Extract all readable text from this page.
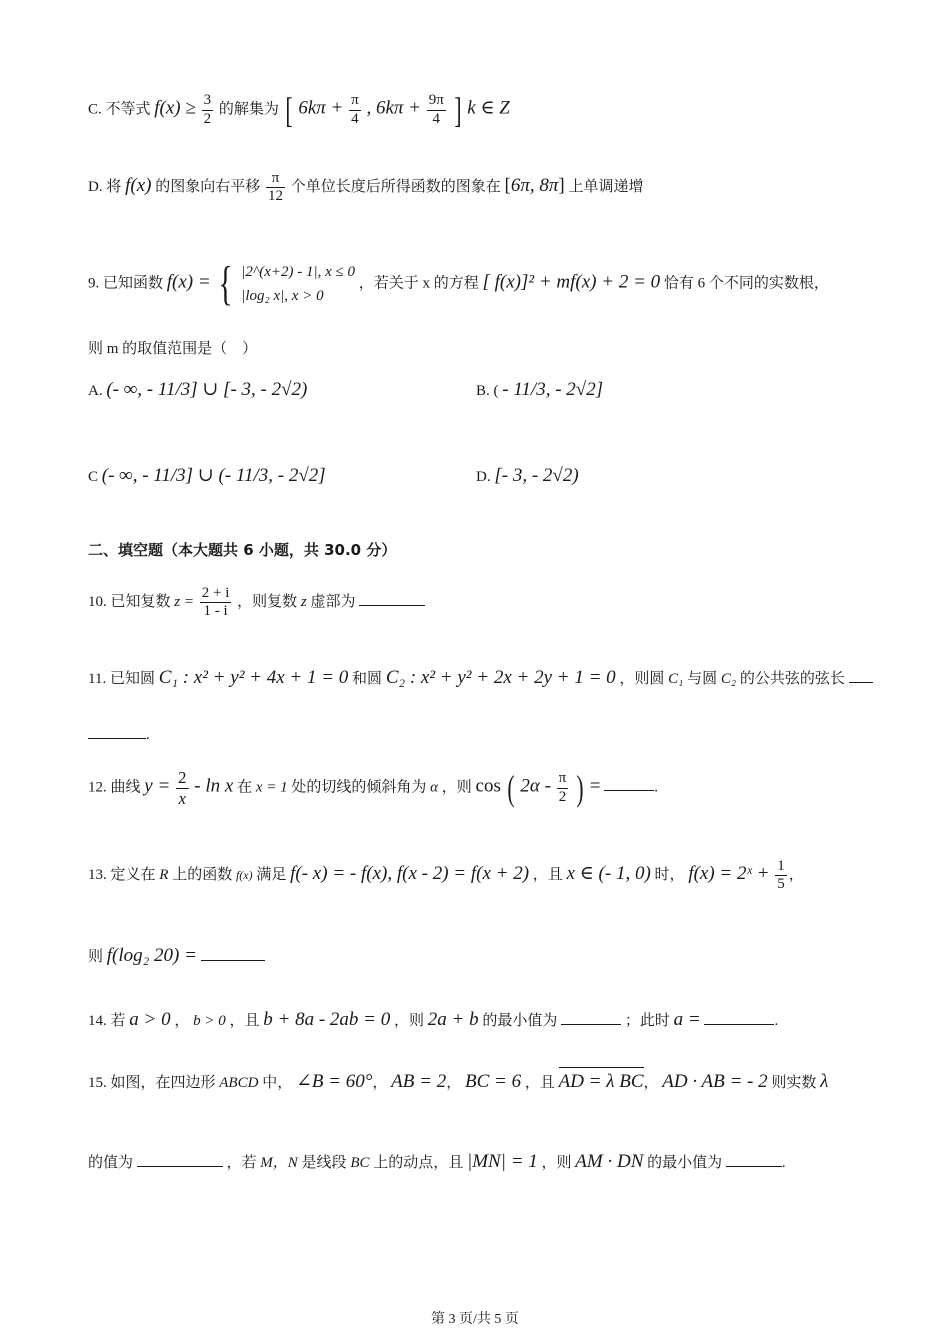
C. 不等式 $f(x) \ge \frac{3}{2}$ 的解集为 [ $6k\pi + \frac{\pi}{4}$ , $6k\pi + \frac{9\pi}{4}$ ] k ∈ Z
D. 将 f(x) 的图象向右平移 $\frac{\pi}{12}$ 个单位长度后所得函数的图象在 [6π, 8π] 上单调递增
9. 已知函数 f(x) = { |2^(x+2) - 1|, x ≤ 0
|log₂ x|, x > 0
，若关于 x 的方程 [ f(x)]² + mf(x) + 2 = 0 恰有 6 个不同的实数根，
则 m 的取值范围是（　）
A. (- ∞, - 11/3] ∪ [- 3, - 2√2)	B. ( - 11/3, - 2√2]
C (- ∞, - 11/3] ∪ (- 11/3, - 2√2]	D. [- 3, - 2√2)
二、填空题（本大题共 6 小题，共 30.0 分）
10. 已知复数 $z = \frac{2 + i}{1 - i}$ ，则复数 z 虚部为
11. 已知圆 C₁ : x² + y² + 4x + 1 = 0 和圆 C₂ : x² + y² + 2x + 2y + 1 = 0 ，则圆 C₁ 与圆 C₂ 的公共弦的弦长
.
12. 曲线 $y = \frac{2}{x} - \ln x$ 在 x = 1 处的切线的倾斜角为 α ，则 cos ( $2\alpha - \frac{\pi}{2}$ ) =	.
13. 定义在 R 上的函数 f(x) 满足 f(- x) = - f(x), f(x - 2) = f(x + 2) ，且 x ∈ (- 1, 0) 时， f(x) = 2ˣ + $\frac{1}{5}$ ，
则 f(log₂ 20) =
14. 若 a > 0 ， b > 0 ，且 b + 8a - 2ab = 0 ，则 2a + b 的最小值为	；此时 a =	.
15. 如图，在四边形 ABCD 中， ∠B = 60°， AB = 2， BC = 6 ，且 AD = λ BC， AD · AB = - 2 则实数 λ
的值为	，若 M，N 是线段 BC 上的动点，且 |MN| = 1 ，则 AM · DN 的最小值为	.
第 3 页/共 5 页
